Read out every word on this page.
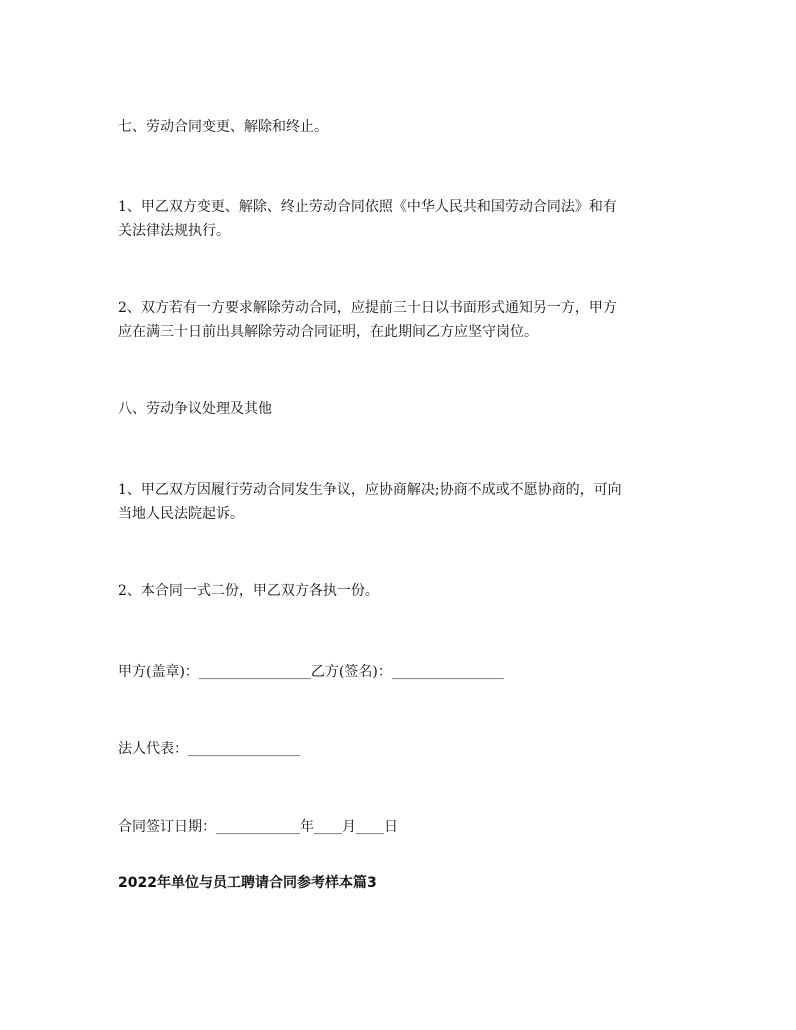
七、劳动合同变更、解除和终止。
1、甲乙双方变更、解除、终止劳动合同依照《中华人民共和国劳动合同法》和有
关法律法规执行。
2、双方若有一方要求解除劳动合同，应提前三十日以书面形式通知另一方，甲方
应在满三十日前出具解除劳动合同证明，在此期间乙方应坚守岗位。
八、劳动争议处理及其他
1、甲乙双方因履行劳动合同发生争议，应协商解决;协商不成或不愿协商的，可向
当地人民法院起诉。
2、本合同一式二份，甲乙双方各执一份。
甲方(盖章)：________________乙方(签名)：________________
法人代表：________________
合同签订日期：____________年____月____日
2022年单位与员工聘请合同参考样本篇3
